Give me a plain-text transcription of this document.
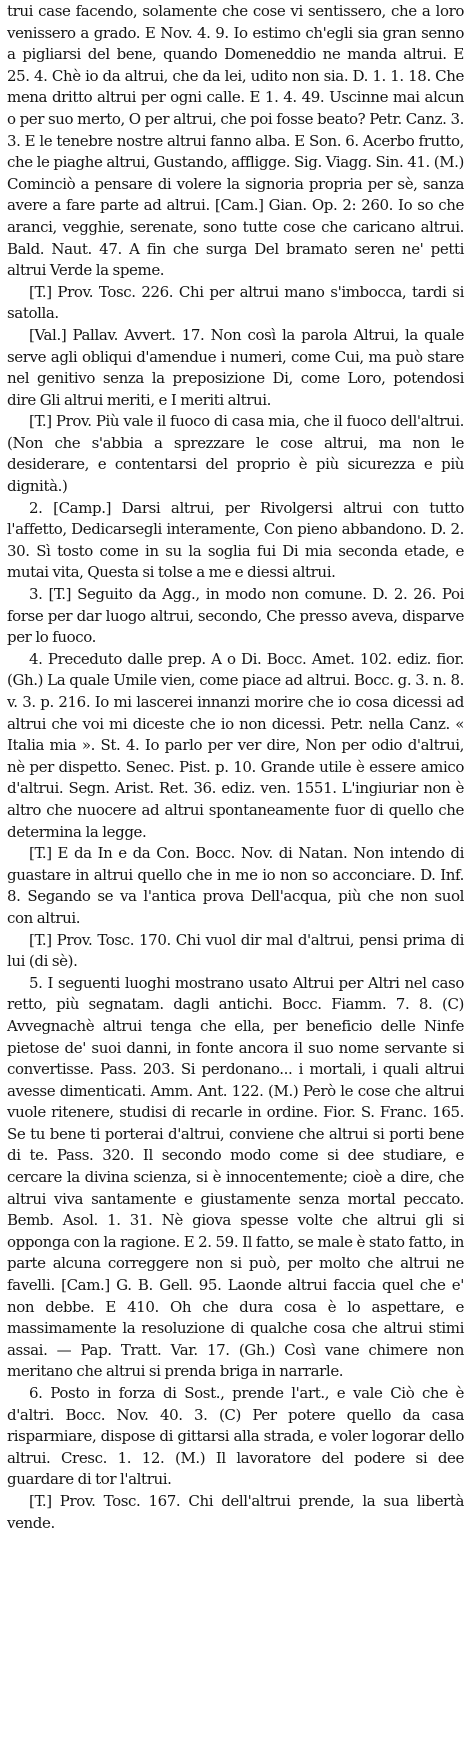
trui case facendo, solamente che cose vi sentissero, che a loro venissero a grado. E Nov. 4. 9. Io estimo ch'egli sia gran senno a pigliarsi del bene, quando Domeneddio ne manda altrui. E 25. 4. Chè io da altrui, che da lei, udito non sia. D. 1. 1. 18. Che mena dritto altrui per ogni calle. E 1. 4. 49. Uscinne mai alcun o per suo merto, O per altrui, che poi fosse beato? Petr. Canz. 3. 3. E le tenebre nostre altrui fanno alba. E Son. 6. Acerbo frutto, che le piaghe altrui, Gustando, affligge. Sig. Viagg. Sin. 41. (M.) Cominciò a pensare di volere la signoria propria per sè, sanza avere a fare parte ad altrui. [Cam.] Gian. Op. 2: 260. Io so che aranci, vegghie, serenate, sono tutte cose che caricano altrui. Bald. Naut. 47. A fin che surga Del bramato seren ne' petti altrui Verde la speme.

[T.] Prov. Tosc. 226. Chi per altrui mano s'imbocca, tardi si satolla.

[Val.] Pallav. Avvert. 17. Non così la parola Altrui, la quale serve agli obliqui d'amendue i numeri, come Cui, ma può stare nel genitivo senza la preposizione Di, come Loro, potendosi dire Gli altrui meriti, e I meriti altrui.

[T.] Prov. Più vale il fuoco di casa mia, che il fuoco dell'altrui. (Non che s'abbia a sprezzare le cose altrui, ma non le desiderare, e contentarsi del proprio è più sicurezza e più dignità.)

2. [Camp.] Darsi altrui, per Rivolgersi altrui con tutto l'affetto, Dedicarsegli interamente, Con pieno abbandono. D. 2. 30. Sì tosto come in su la soglia fui Di mia seconda etade, e mutai vita, Questa si tolse a me e diessi altrui.

3. [T.] Seguito da Agg., in modo non comune. D. 2. 26. Poi forse per dar luogo altrui, secondo, Che presso aveva, disparve per lo fuoco.

4. Preceduto dalle prep. A o Di. Bocc. Amet. 102. ediz. fior. (Gh.) La quale Umile vien, come piace ad altrui. Bocc. g. 3. n. 8. v. 3. p. 216. Io mi lascerei innanzi morire che io cosa dicessi ad altrui che voi mi diceste che io non dicessi. Petr. nella Canz. « Italia mia ». St. 4. Io parlo per ver dire, Non per odio d'altrui, nè per dispetto. Senec. Pist. p. 10. Grande utile è essere amico d'altrui. Segn. Arist. Ret. 36. ediz. ven. 1551. L'ingiuriar non è altro che nuocere ad altrui spontaneamente fuor di quello che determina la legge.

[T.] E da In e da Con. Bocc. Nov. di Natan. Non intendo di guastare in altrui quello che in me io non so acconciare. D. Inf. 8. Segando se va l'antica prova Dell'acqua, più che non suol con altrui.

[T.] Prov. Tosc. 170. Chi vuol dir mal d'altrui, pensi prima di lui (di sè).

5. I seguenti luoghi mostrano usato Altrui per Altri nel caso retto, più segnatam. dagli antichi. Bocc. Fiamm. 7. 8. (C) Avvegnachè altrui tenga che ella, per beneficio delle Ninfe pietose de' suoi danni, in fonte ancora il suo nome servante si convertisse. Pass. 203. Si perdonano... i mortali, i quali altrui avesse dimenticati. Amm. Ant. 122. (M.) Però le cose che altrui vuole ritenere, studisi di recarle in ordine. Fior. S. Franc. 165. Se tu bene ti porterai d'altrui, conviene che altrui si porti bene di te. Pass. 320. Il secondo modo come si dee studiare, e cercare la divina scienza, si è innocentemente; cioè a dire, che altrui viva santamente e giustamente senza mortal peccato. Bemb. Asol. 1. 31. Nè giova spesse volte che altrui gli si opponga con la ragione. E 2. 59. Il fatto, se male è stato fatto, in parte alcuna correggere non si può, per molto che altrui ne favelli. [Cam.] G. B. Gell. 95. Laonde altrui faccia quel che e' non debbe. E 410. Oh che dura cosa è lo aspettare, e massimamente la resoluzione di qualche cosa che altrui stimi assai. — Pap. Tratt. Var. 17. (Gh.) Così vane chimere non meritano che altrui si prenda briga in narrarle.

6. Posto in forza di Sost., prende l'art., e vale Ciò che è d'altri. Bocc. Nov. 40. 3. (C) Per potere quello da casa risparmiare, dispose di gittarsi alla strada, e voler logorar dello altrui. Cresc. 1. 12. (M.) Il lavoratore del podere si dee guardare di tor l'altrui.

[T.] Prov. Tosc. 167. Chi dell'altrui prende, la sua libertà vende.
